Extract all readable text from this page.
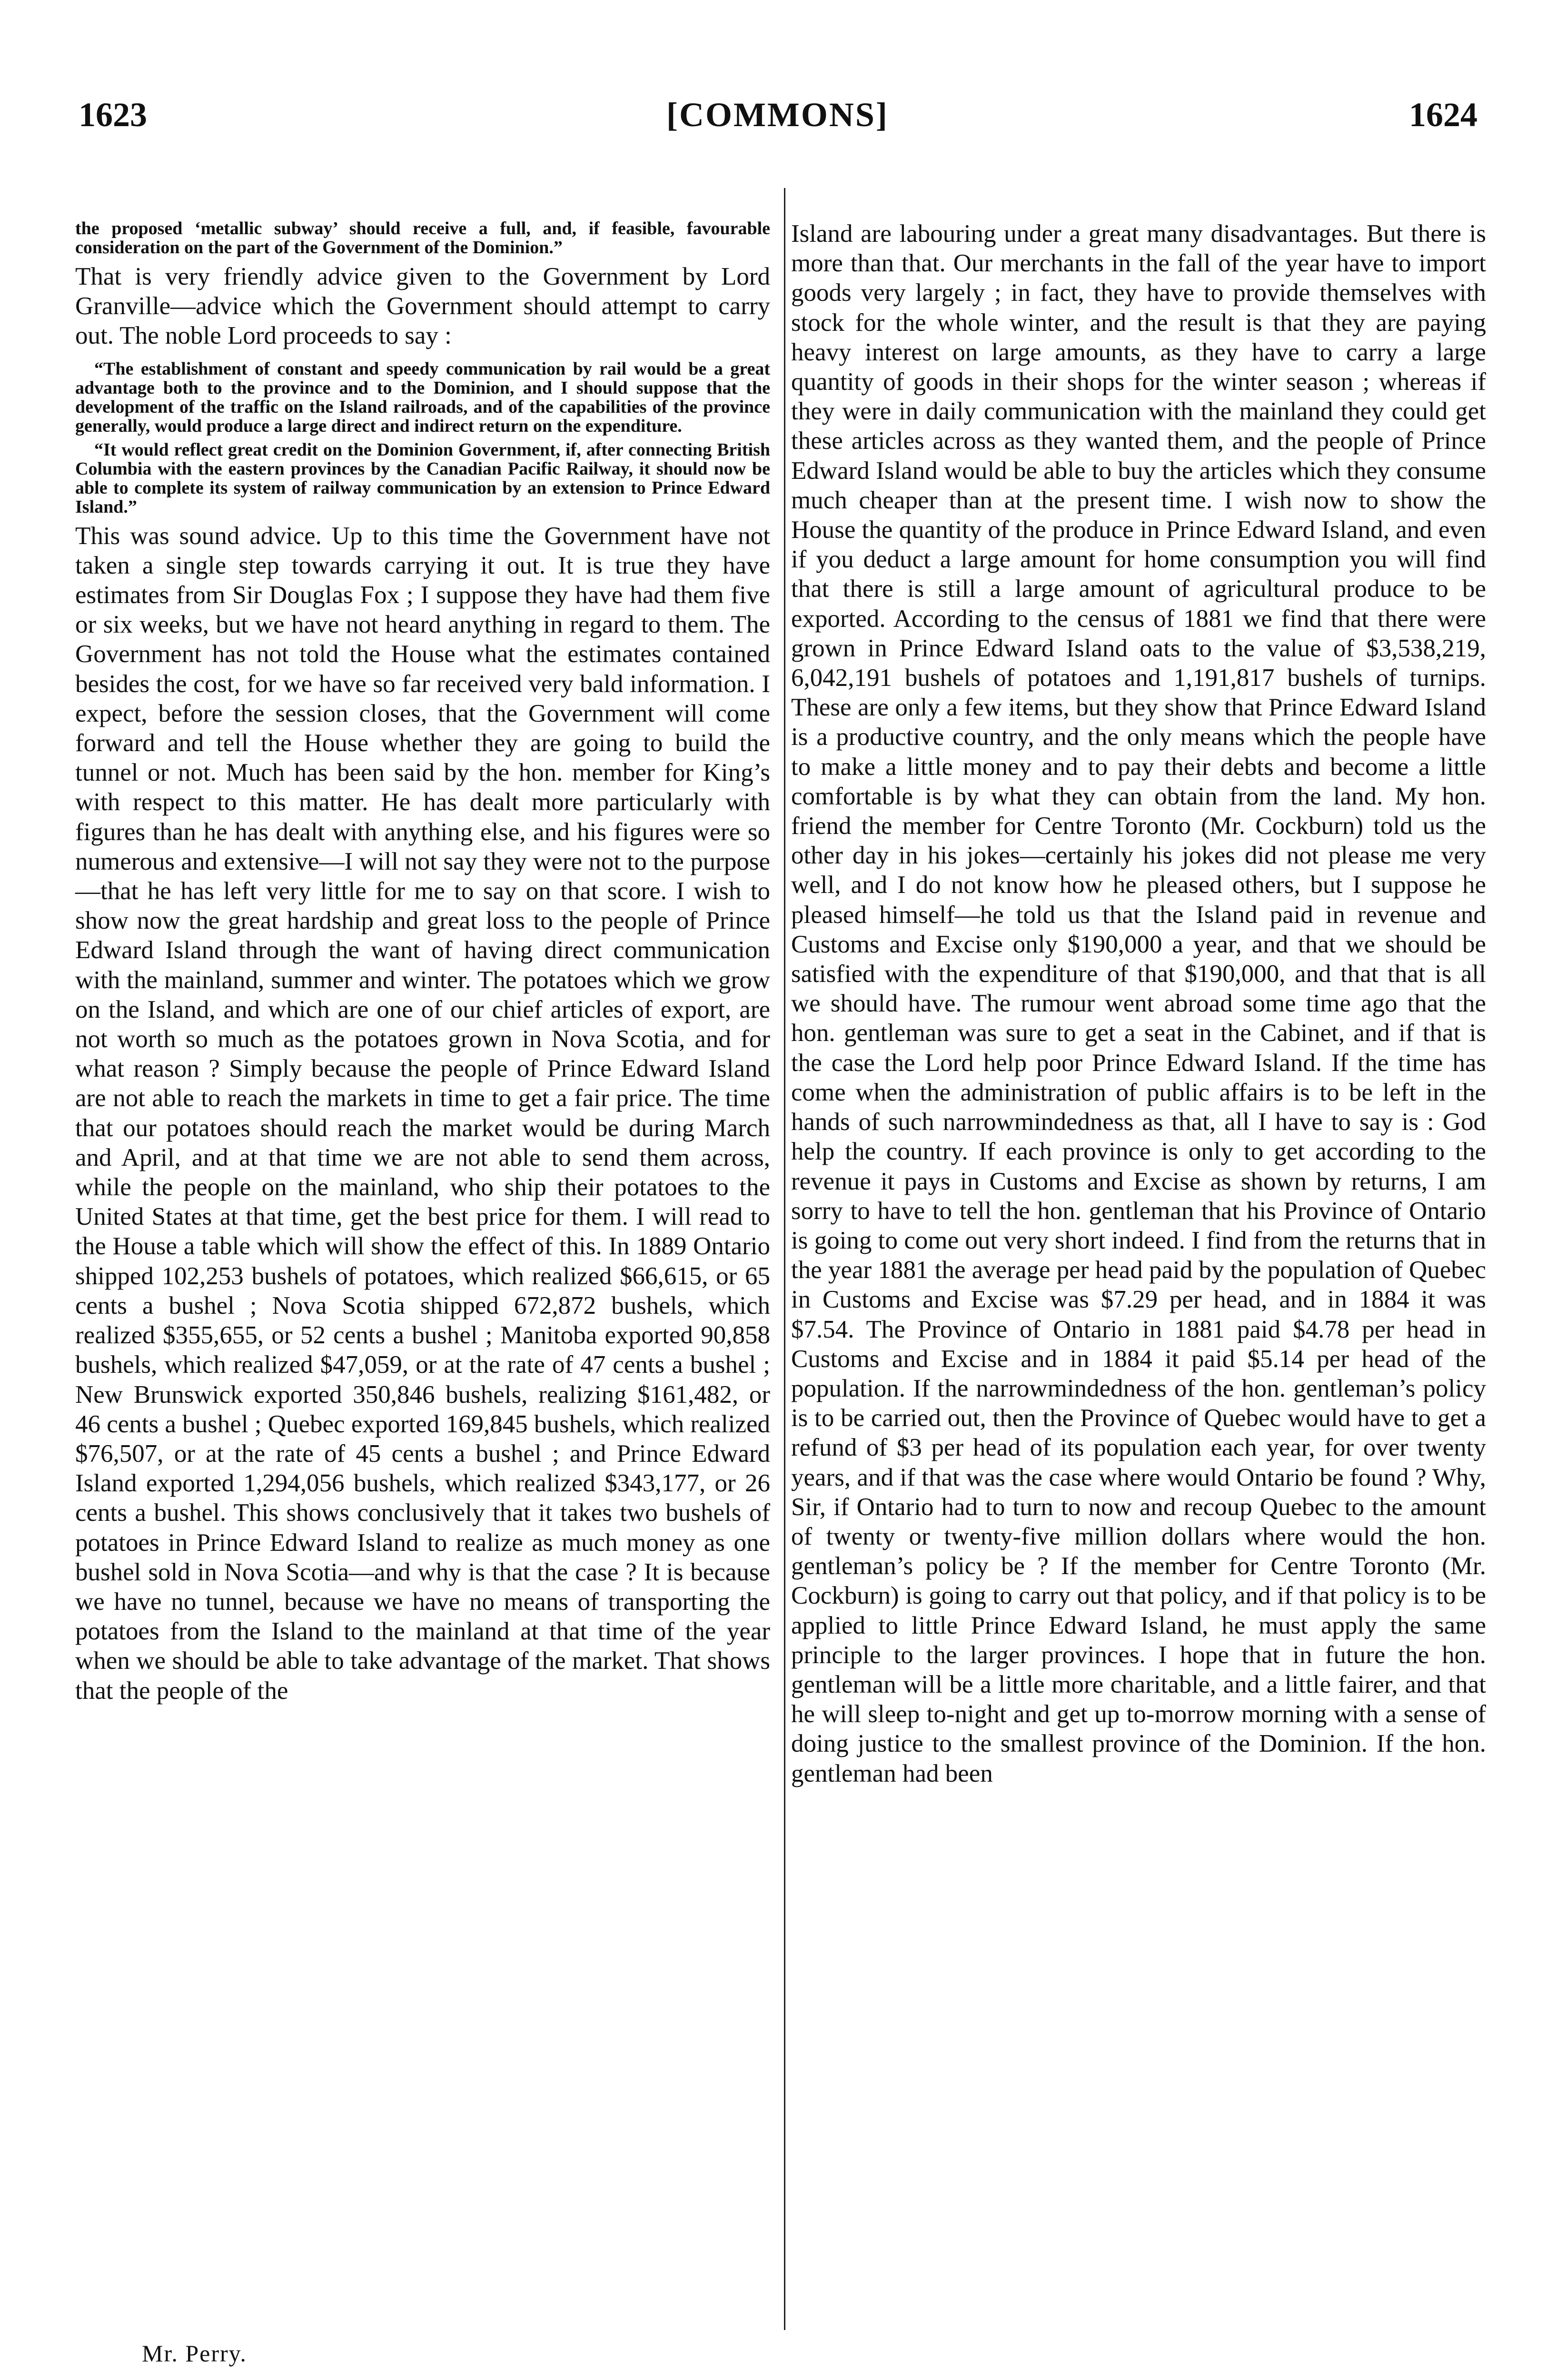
1623	[COMMONS]	1624

the proposed ‘metallic subway’ should receive a full, and, if feasible, favourable consideration on the part of the Government of the Dominion.”

That is very friendly advice given to the Government by Lord Granville—advice which the Government should attempt to carry out. The noble Lord proceeds to say :

“The establishment of constant and speedy communication by rail would be a great advantage both to the province and to the Dominion, and I should suppose that the development of the traffic on the Island railroads, and of the capabilities of the province generally, would produce a large direct and indirect return on the expenditure.

“It would reflect great credit on the Dominion Government, if, after connecting British Columbia with the eastern provinces by the Canadian Pacific Railway, it should now be able to complete its system of railway communication by an extension to Prince Edward Island.”

This was sound advice. Up to this time the Government have not taken a single step towards carrying it out. It is true they have estimates from Sir Douglas Fox ; I suppose they have had them five or six weeks, but we have not heard anything in regard to them. The Government has not told the House what the estimates contained besides the cost, for we have so far received very bald information. I expect, before the session closes, that the Government will come forward and tell the House whether they are going to build the tunnel or not. Much has been said by the hon. member for King’s with respect to this matter. He has dealt more particularly with figures than he has dealt with anything else, and his figures were so numerous and extensive—I will not say they were not to the purpose—that he has left very little for me to say on that score. I wish to show now the great hardship and great loss to the people of Prince Edward Island through the want of having direct communication with the mainland, summer and winter. The potatoes which we grow on the Island, and which are one of our chief articles of export, are not worth so much as the potatoes grown in Nova Scotia, and for what reason ? Simply because the people of Prince Edward Island are not able to reach the markets in time to get a fair price. The time that our potatoes should reach the market would be during March and April, and at that time we are not able to send them across, while the people on the mainland, who ship their potatoes to the United States at that time, get the best price for them. I will read to the House a table which will show the effect of this. In 1889 Ontario shipped 102,253 bushels of potatoes, which realized $66,615, or 65 cents a bushel ; Nova Scotia shipped 672,872 bushels, which realized $355,655, or 52 cents a bushel ; Manitoba exported 90,858 bushels, which realized $47,059, or at the rate of 47 cents a bushel ; New Brunswick exported 350,846 bushels, realizing $161,482, or 46 cents a bushel ; Quebec exported 169,845 bushels, which realized $76,507, or at the rate of 45 cents a bushel ; and Prince Edward Island exported 1,294,056 bushels, which realized $343,177, or 26 cents a bushel. This shows conclusively that it takes two bushels of potatoes in Prince Edward Island to realize as much money as one bushel sold in Nova Scotia—and why is that the case ? It is because we have no tunnel, because we have no means of transporting the potatoes from the Island to the mainland at that time of the year when we should be able to take advantage of the market. That shows that the people of the

Island are labouring under a great many disadvantages. But there is more than that. Our merchants in the fall of the year have to import goods very largely ; in fact, they have to provide themselves with stock for the whole winter, and the result is that they are paying heavy interest on large amounts, as they have to carry a large quantity of goods in their shops for the winter season ; whereas if they were in daily communication with the mainland they could get these articles across as they wanted them, and the people of Prince Edward Island would be able to buy the articles which they consume much cheaper than at the present time. I wish now to show the House the quantity of the produce in Prince Edward Island, and even if you deduct a large amount for home consumption you will find that there is still a large amount of agricultural produce to be exported. According to the census of 1881 we find that there were grown in Prince Edward Island oats to the value of $3,538,219, 6,042,191 bushels of potatoes and 1,191,817 bushels of turnips. These are only a few items, but they show that Prince Edward Island is a productive country, and the only means which the people have to make a little money and to pay their debts and become a little comfortable is by what they can obtain from the land. My hon. friend the member for Centre Toronto (Mr. Cockburn) told us the other day in his jokes—certainly his jokes did not please me very well, and I do not know how he pleased others, but I suppose he pleased himself—he told us that the Island paid in revenue and Customs and Excise only $190,000 a year, and that we should be satisfied with the expenditure of that $190,000, and that that is all we should have. The rumour went abroad some time ago that the hon. gentleman was sure to get a seat in the Cabinet, and if that is the case the Lord help poor Prince Edward Island. If the time has come when the administration of public affairs is to be left in the hands of such narrowmindedness as that, all I have to say is : God help the country. If each province is only to get according to the revenue it pays in Customs and Excise as shown by returns, I am sorry to have to tell the hon. gentleman that his Province of Ontario is going to come out very short indeed. I find from the returns that in the year 1881 the average per head paid by the population of Quebec in Customs and Excise was $7.29 per head, and in 1884 it was $7.54. The Province of Ontario in 1881 paid $4.78 per head in Customs and Excise and in 1884 it paid $5.14 per head of the population. If the narrowmindedness of the hon. gentleman’s policy is to be carried out, then the Province of Quebec would have to get a refund of $3 per head of its population each year, for over twenty years, and if that was the case where would Ontario be found ? Why, Sir, if Ontario had to turn to now and recoup Quebec to the amount of twenty or twenty-five million dollars where would the hon. gentleman’s policy be ? If the member for Centre Toronto (Mr. Cockburn) is going to carry out that policy, and if that policy is to be applied to little Prince Edward Island, he must apply the same principle to the larger provinces. I hope that in future the hon. gentleman will be a little more charitable, and a little fairer, and that he will sleep to-night and get up to-morrow morning with a sense of doing justice to the smallest province of the Dominion. If the hon. gentleman had been

Mr. Perry.
